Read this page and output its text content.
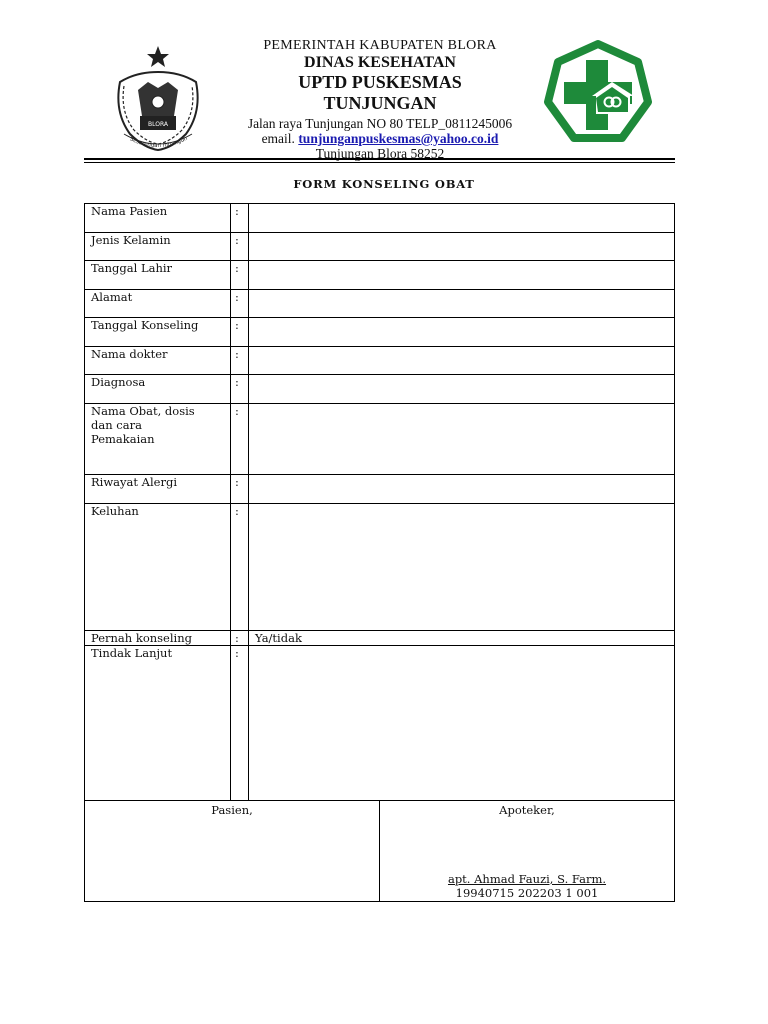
BLORA
Sesarengan mbangun
PEMERINTAH KABUPATEN BLORA
DINAS KESEHATAN
UPTD PUSKESMAS
TUNJUNGAN
Jalan raya Tunjungan NO 80 TELP_0811245006
email. tunjunganpuskesmas@yahoo.co.id
Tunjungan Blora 58252
FORM KONSELING OBAT
Nama Pasien	:	
Jenis Kelamin	:	
Tanggal Lahir	:	
Alamat	:	
Tanggal Konseling	:	
Nama dokter	:	
Diagnosa	:	
Nama Obat, dosis
dan cara
Pemakaian	:	
Riwayat Alergi	:	
Keluhan	:	
Pernah konseling	:	Ya/tidak
Tindak Lanjut	:	

Pasien, Apoteker,
apt. Ahmad Fauzi, S. Farm.
19940715 202203 1 001		
